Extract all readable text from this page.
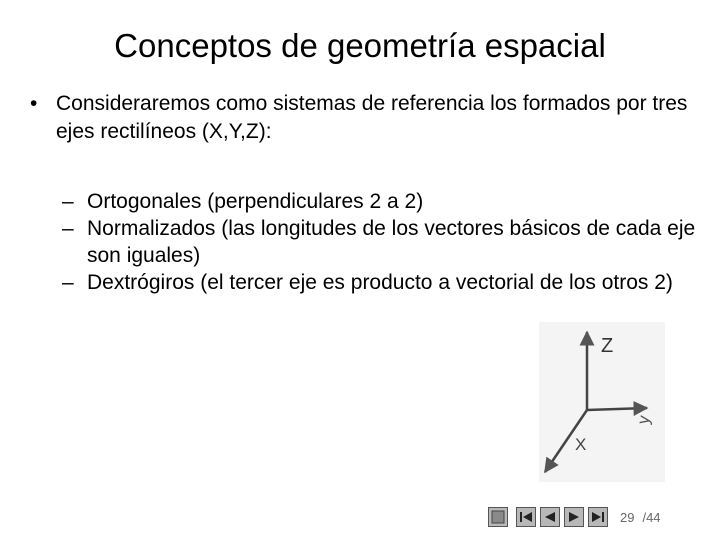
Conceptos de geometría espacial
• Consideraremos como sistemas de referencia los formados por tres ejes rectilíneos (X,Y,Z):
– Ortogonales (perpendiculares 2 a 2)
– Normalizados (las longitudes de los vectores básicos de cada eje son iguales)
– Dextrógiros (el tercer eje es producto a vectorial de los otros 2)
Z
y
X
29 /44
